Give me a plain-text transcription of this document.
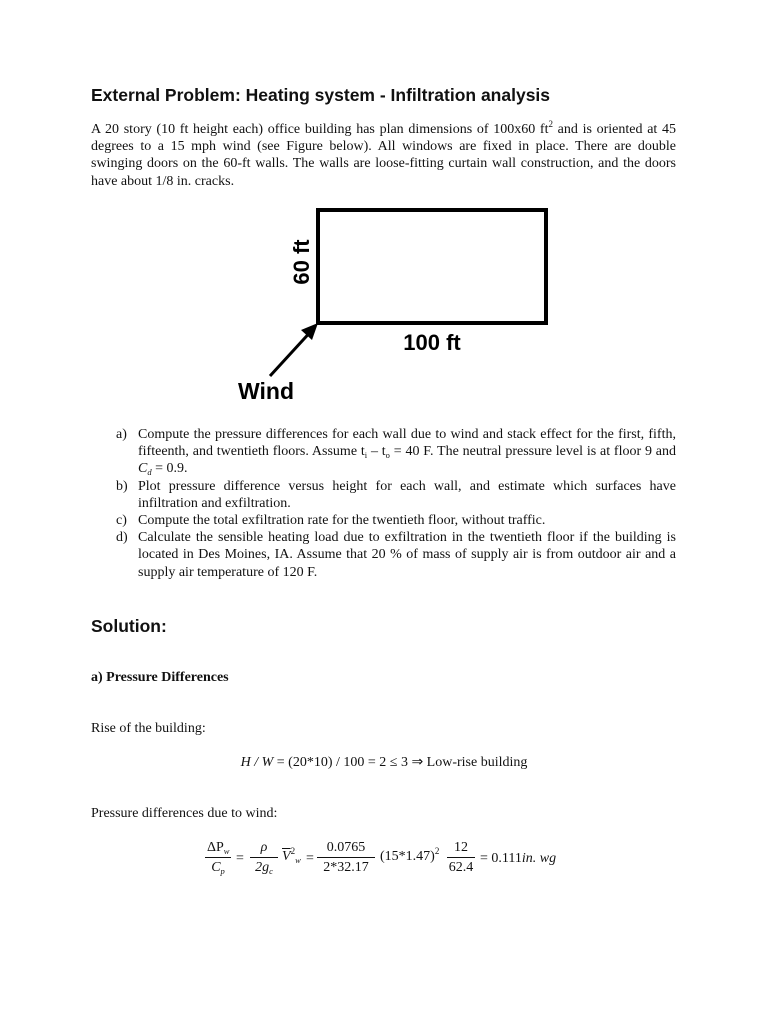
External Problem: Heating system - Infiltration analysis

A 20 story (10 ft height each) office building has plan dimensions of 100x60 $ft^2$ and is oriented at 45 degrees to a 15 mph wind (see Figure below). All windows are fixed in place. There are double swinging doors on the 60-ft walls. The walls are loose-fitting curtain wall construction, and the doors have about 1/8 in. cracks.

60 ft
100 ft
Wind
a) Compute the pressure differences for each wall due to wind and stack effect for the first, fifth, fifteenth, and twentieth floors. Assume $t_i - t_o = 40$ F. The neutral pressure level is at floor 9 and $C_d = 0.9$.
b) Plot pressure difference versus height for each wall, and estimate which surfaces have infiltration and exfiltration.
c) Compute the total exfiltration rate for the twentieth floor, without traffic.
d) Calculate the sensible heating load due to exfiltration in the twentieth floor if the building is located in Des Moines, IA. Assume that 20 % of mass of supply air is from outdoor air and a supply air temperature of 120 F.
Solution:
a) Pressure Differences

Rise of the building:

H / W = (20*10) / 100 = 2 ≤ 3 ⇒ Low-rise building

Pressure differences due to wind:

$\Delta P_w$
$C_p$
= $\frac{\rho}{2g_c} \overline{V}^2_w = \frac{0.0765}{2*32.17} (15*1.47)^2 \frac{12}{62.4} = 0.111in$. wg
